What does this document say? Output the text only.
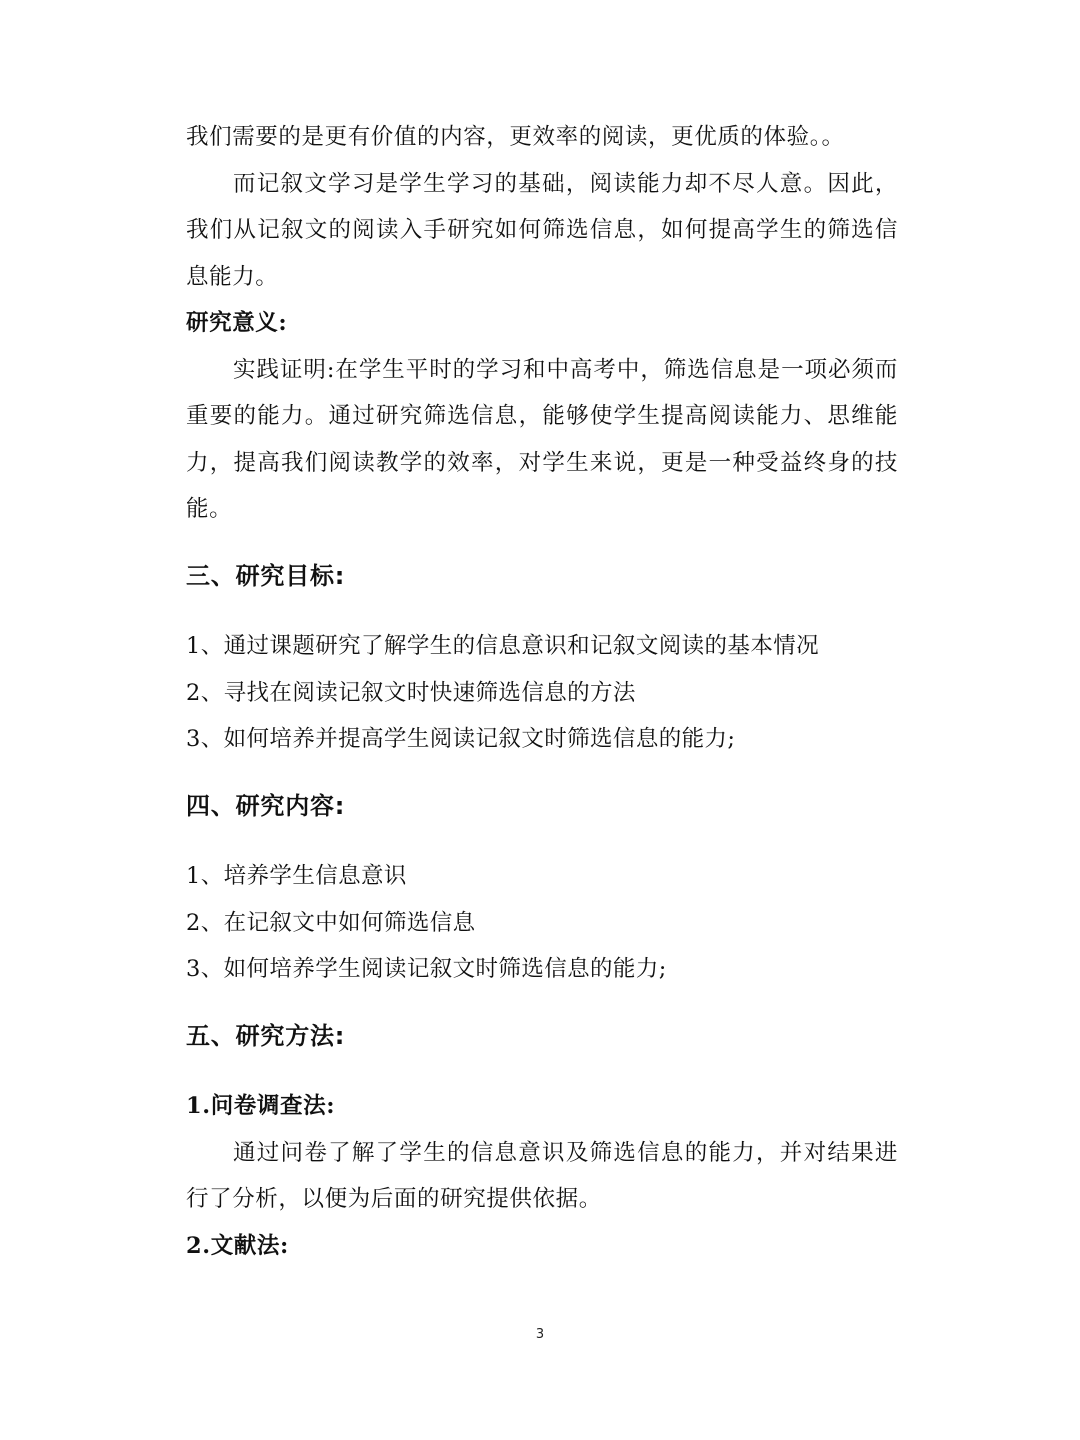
我们需要的是更有价值的内容，更效率的阅读，更优质的体验。。

而记叙文学习是学生学习的基础，阅读能力却不尽人意。因此，我们从记叙文的阅读入手研究如何筛选信息，如何提高学生的筛选信息能力。

研究意义:

实践证明:在学生平时的学习和中高考中，筛选信息是一项必须而重要的能力。通过研究筛选信息，能够使学生提高阅读能力、思维能力，提高我们阅读教学的效率，对学生来说，更是一种受益终身的技能。

三、研究目标:

1、通过课题研究了解学生的信息意识和记叙文阅读的基本情况

2、寻找在阅读记叙文时快速筛选信息的方法

3、如何培养并提高学生阅读记叙文时筛选信息的能力;

四、研究内容:

1、培养学生信息意识

2、在记叙文中如何筛选信息

3、如何培养学生阅读记叙文时筛选信息的能力;

五、研究方法:

1.问卷调查法:

通过问卷了解了学生的信息意识及筛选信息的能力，并对结果进行了分析，以便为后面的研究提供依据。

2.文献法:

3
